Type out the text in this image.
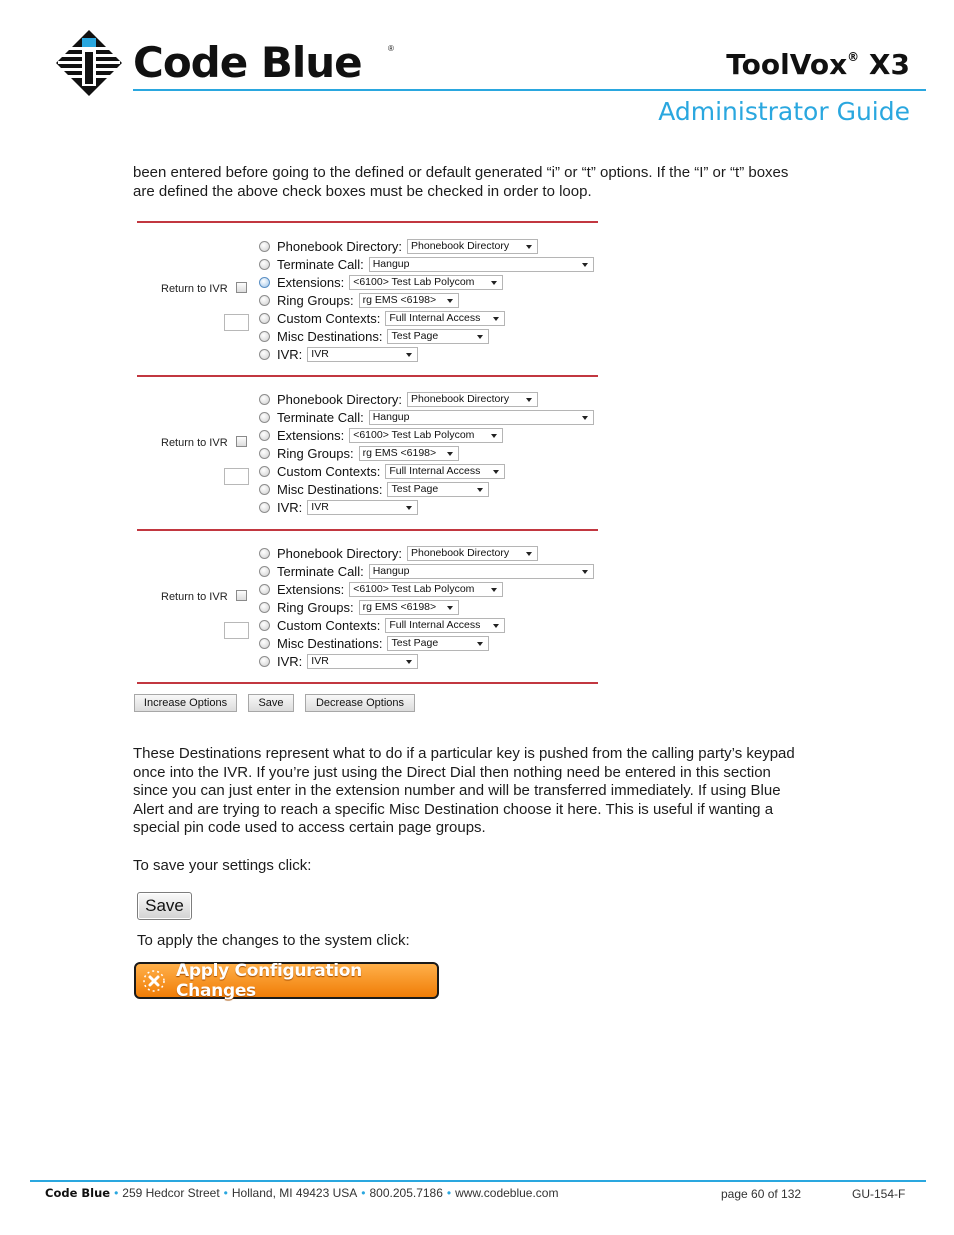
Code Blue	®	ToolVox® X3
Administrator Guide
been entered before going to the defined or default generated “i” or “t” options. If the “I” or “t” boxes
are defined the above check boxes must be checked in order to loop.
Return to IVR
Phonebook Directory: Phonebook Directory
Terminate Call: Hangup
Extensions: <6100> Test Lab Polycom
Ring Groups: rg EMS <6198>
Custom Contexts: Full Internal Access
Misc Destinations: Test Page
IVR: IVR
Return to IVR
Phonebook Directory: Phonebook Directory
Terminate Call: Hangup
Extensions: <6100> Test Lab Polycom
Ring Groups: rg EMS <6198>
Custom Contexts: Full Internal Access
Misc Destinations: Test Page
IVR: IVR
Return to IVR
Phonebook Directory: Phonebook Directory
Terminate Call: Hangup
Extensions: <6100> Test Lab Polycom
Ring Groups: rg EMS <6198>
Custom Contexts: Full Internal Access
Misc Destinations: Test Page
IVR: IVR
Increase Options	Save	Decrease Options
These Destinations represent what to do if a particular key is pushed from the calling party’s keypad
once into the IVR. If you’re just using the Direct Dial then nothing need be entered in this section
since you can just enter in the extension number and will be transferred immediately. If using Blue
Alert and are trying to reach a specific Misc Destination choose it here. This is useful if wanting a
special pin code used to access certain page groups.
To save your settings click:
Save
To apply the changes to the system click:
Apply Configuration Changes
Code Blue • 259 Hedcor Street • Holland, MI 49423 USA • 800.205.7186 • www.codeblue.com	page 60 of 132	GU-154-F
